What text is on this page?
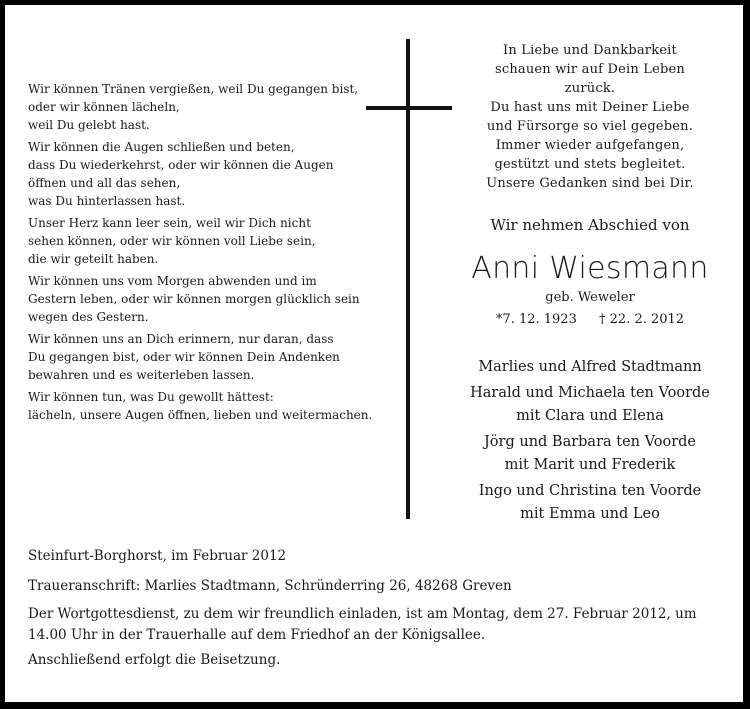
Wir können Tränen vergießen, weil Du gegangen bist,
oder wir können lächeln,
weil Du gelebt hast.
Wir können die Augen schließen und beten,
dass Du wiederkehrst, oder wir können die Augen
öffnen und all das sehen,
was Du hinterlassen hast.
Unser Herz kann leer sein, weil wir Dich nicht
sehen können, oder wir können voll Liebe sein,
die wir geteilt haben.
Wir können uns vom Morgen abwenden und im
Gestern leben, oder wir können morgen glücklich sein
wegen des Gestern.
Wir können uns an Dich erinnern, nur daran, dass
Du gegangen bist, oder wir können Dein Andenken
bewahren und es weiterleben lassen.
Wir können tun, was Du gewollt hättest:
lächeln, unsere Augen öffnen, lieben und weitermachen.
In Liebe und Dankbarkeit
schauen wir auf Dein Leben
zurück.
Du hast uns mit Deiner Liebe
und Fürsorge so viel gegeben.
Immer wieder aufgefangen,
gestützt und stets begleitet.
Unsere Gedanken sind bei Dir.
Wir nehmen Abschied von
Anni Wiesmann
geb. Weweler
*7. 12. 1923 † 22. 2. 2012
Marlies und Alfred Stadtmann
Harald und Michaela ten Voorde
mit Clara und Elena
Jörg und Barbara ten Voorde
mit Marit und Frederik
Ingo und Christina ten Voorde
mit Emma und Leo
Steinfurt-Borghorst, im Februar 2012
Traueranschrift: Marlies Stadtmann, Schründerring 26, 48268 Greven
Der Wortgottesdienst, zu dem wir freundlich einladen, ist am Montag, dem 27. Februar 2012, um 14.00 Uhr in der Trauerhalle auf dem Friedhof an der Königsallee.
Anschließend erfolgt die Beisetzung.
